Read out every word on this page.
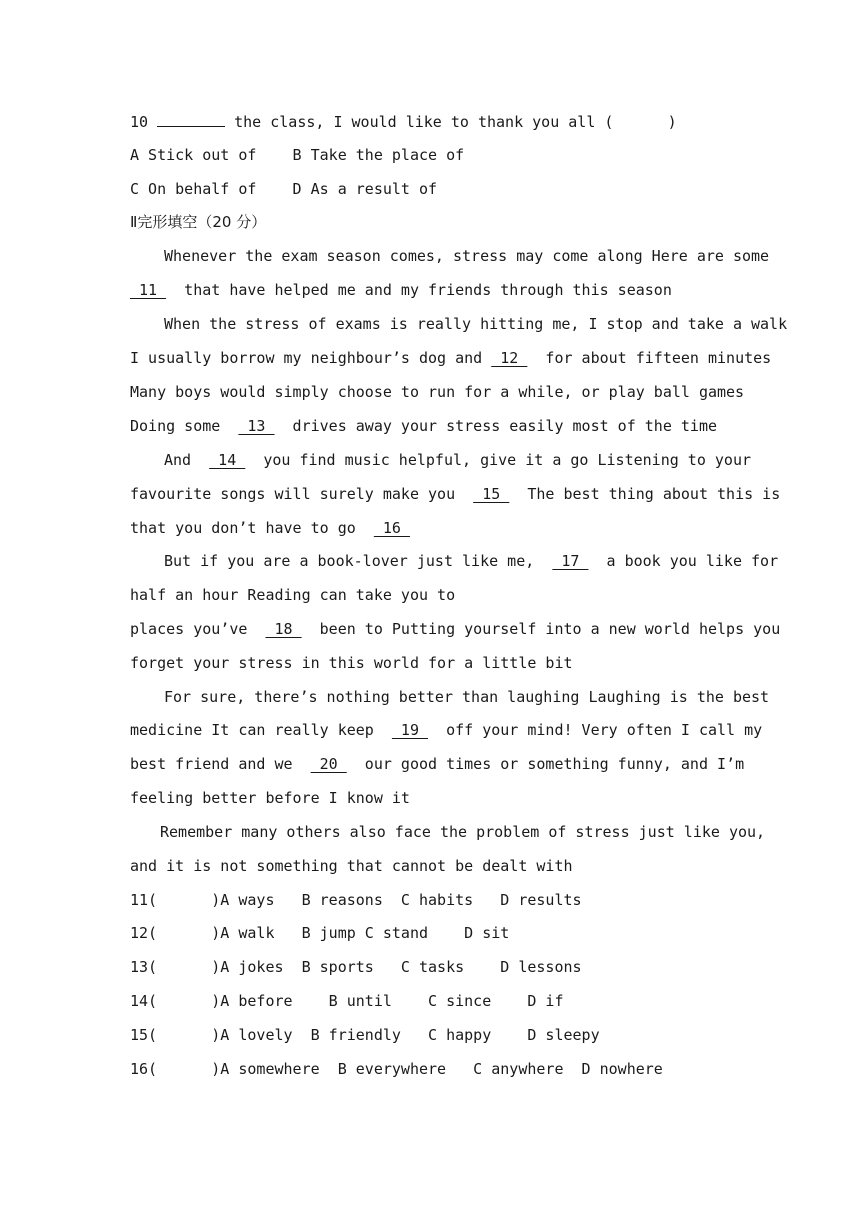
10	the class, I would like to thank you all (      )
A Stick out of    B Take the place of
C On behalf of    D As a result of
Ⅱ完形填空（20 分）
Whenever the exam season comes, stress may come along Here are some
11   that have helped me and my friends through this season
When the stress of exams is really hitting me, I stop and take a walk
I usually borrow my neighbour’s dog and  12   for about fifteen minutes
Many boys would simply choose to run for a while, or play ball games
Doing some   13   drives away your stress easily most of the time
And   14   you find music helpful, give it a go Listening to your
favourite songs will surely make you   15   The best thing about this is
that you don’t have to go   16
But if you are a book-lover just like me,   17   a book you like for
half an hour Reading can take you to
places you’ve   18   been to Putting yourself into a new world helps you
forget your stress in this world for a little bit
For sure, there’s nothing better than laughing Laughing is the best
medicine It can really keep   19   off your mind! Very often I call my
best friend and we   20   our good times or something funny, and I’m
feeling better before I know it
Remember many others also face the problem of stress just like you,
and it is not something that cannot be dealt with
11(      )A ways   B reasons  C habits   D results
12(      )A walk   B jump C stand    D sit
13(      )A jokes  B sports   C tasks    D lessons
14(      )A before    B until    C since    D if
15(      )A lovely  B friendly   C happy    D sleepy
16(      )A somewhere  B everywhere   C anywhere  D nowhere
